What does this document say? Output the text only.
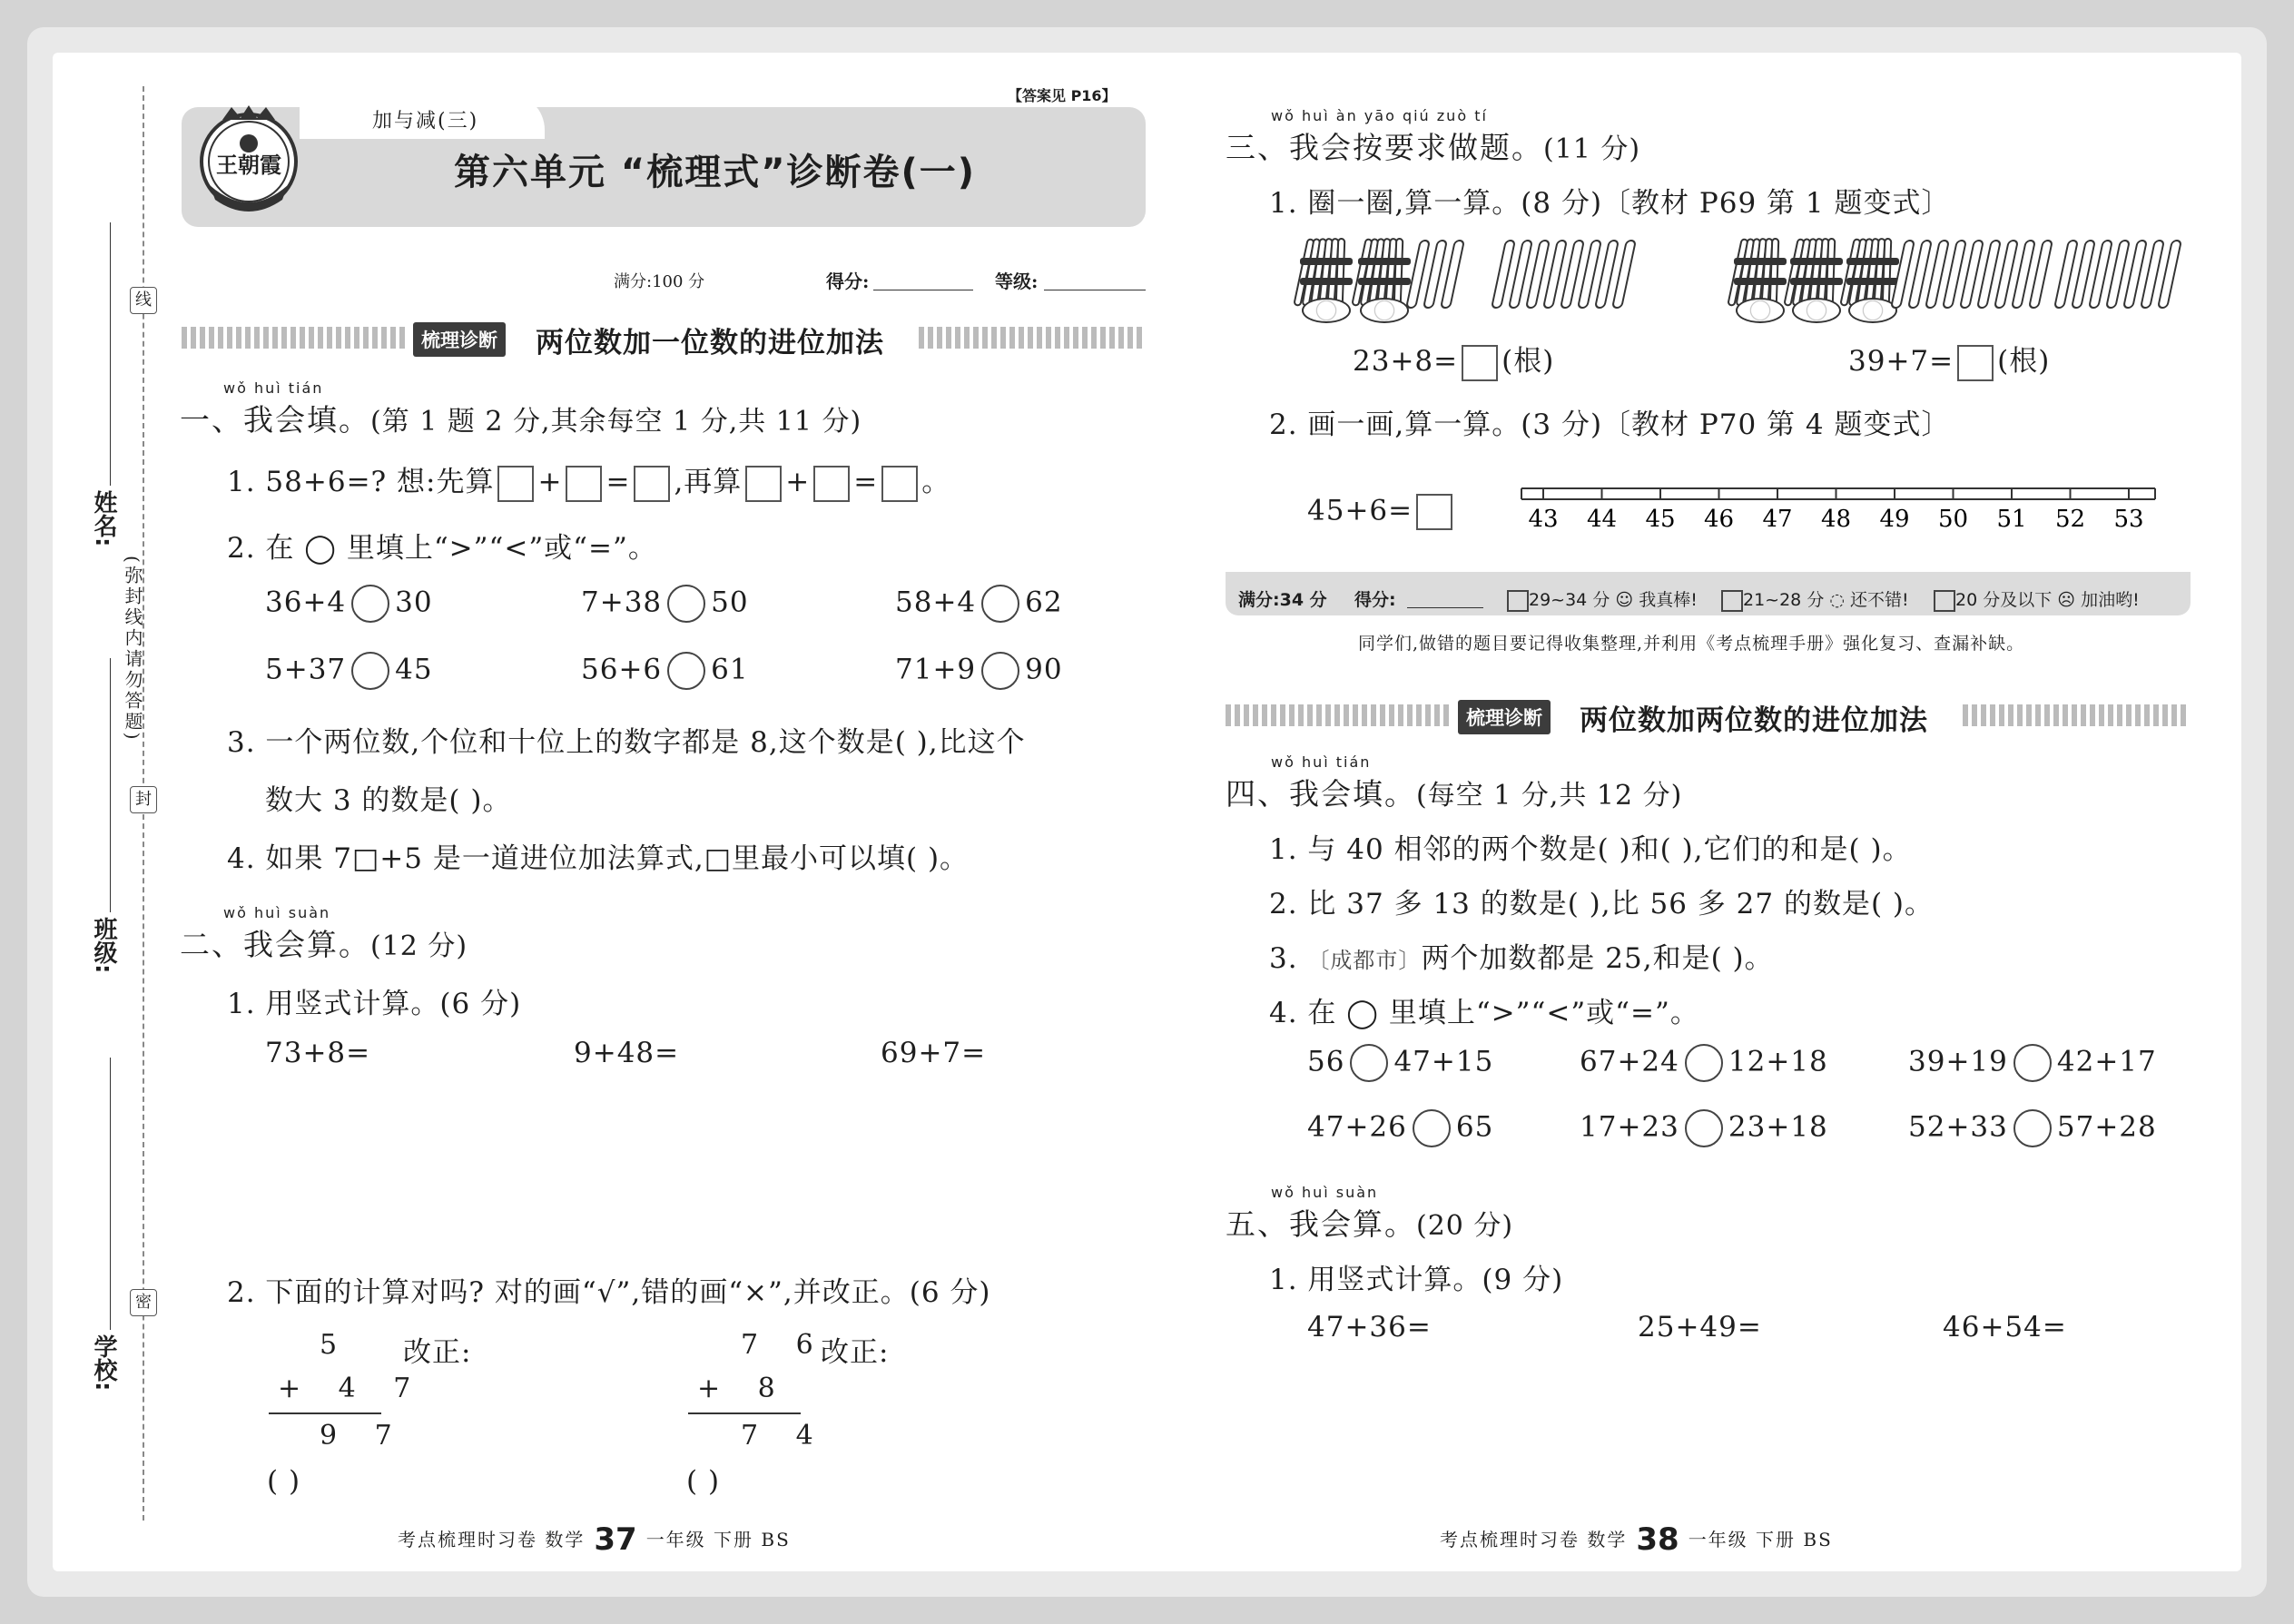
线
封
密
(弥封线内请勿答题)
姓名:
班级:
学校:
加与减(三)
【答案见 P16】
王朝霞	第六单元 “梳理式”诊断卷(一)
满分:100 分	得分:	等级:
梳理诊断 两位数加一位数的进位加法
wǒ huì tián
一、我会填。(第 1 题 2 分,其余每空 1 分,共 11 分)
1. 58+6=? 想:先算 + = ,再算 + = 。
2. 在 ◯ 里填上“>”“<”或“=”。
36+4 30	7+38 50	58+4 62
5+37 45	56+6 61	71+9 90
3. 一个两位数,个位和十位上的数字都是 8,这个数是( ),比这个
数大 3 的数是( )。
4. 如果 7□+5 是一道进位加法算式,□里最小可以填( )。
wǒ huì suàn
二、我会算。(12 分)
1. 用竖式计算。(6 分)
73+8=	9+48=	69+7=
2. 下面的计算对吗? 对的画“√”,错的画“×”,并改正。(6 分)
5 改正:
+ 4 7
9 7
( )
7 6
改正:
+ 8
7 4
( )
考点梳理时习卷 数学 37 一年级 下册 BS
wǒ huì àn yāo qiú zuò tí
三、我会按要求做题。(11 分)
1. 圈一圈,算一算。(8 分)〔教材 P69 第 1 题变式〕
23+8= (根)	39+7= (根)
2. 画一画,算一算。(3 分)〔教材 P70 第 4 题变式〕
45+6=	43 44 45 46 47 48 49 50 51 52 53
满分:34 分 得分:	29~34 分 ☺ 我真棒!	21~28 分 ◌ 还不错!	20 分及以下 ☹ 加油哟!
同学们,做错的题目要记得收集整理,并利用《考点梳理手册》强化复习、查漏补缺。
梳理诊断 两位数加两位数的进位加法
wǒ huì tián
四、我会填。(每空 1 分,共 12 分)
1. 与 40 相邻的两个数是( )和( ),它们的和是( )。
2. 比 37 多 13 的数是( ),比 56 多 27 的数是( )。
3. 〔成都市〕两个加数都是 25,和是( )。
4. 在 ◯ 里填上“>”“<”或“=”。
56 47+15	67+24 12+18	39+19 42+17
47+26 65	17+23 23+18	52+33 57+28
wǒ huì suàn
五、我会算。(20 分)
1. 用竖式计算。(9 分)
47+36=	25+49=	46+54=
考点梳理时习卷 数学 38 一年级 下册 BS
